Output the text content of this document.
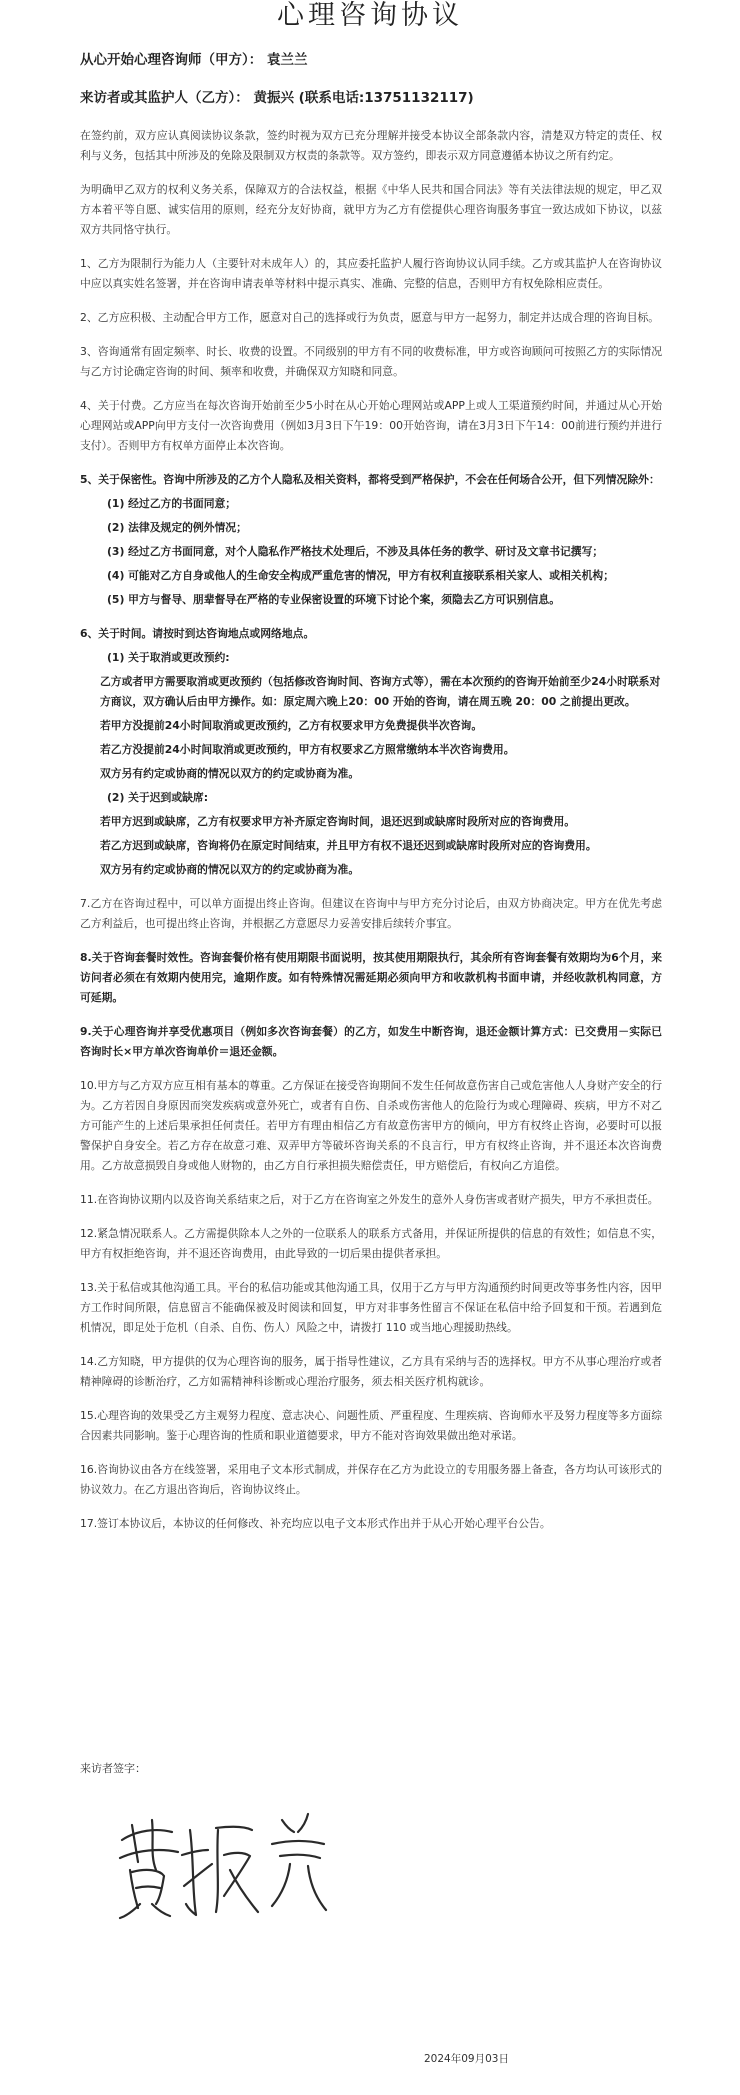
心理咨询协议
从心开始心理咨询师（甲方）： 袁兰兰
来访者或其监护人（乙方）： 黄振兴 (联系电话:13751132117)

在签约前，双方应认真阅读协议条款，签约时视为双方已充分理解并接受本协议全部条款内容，清楚双方特定的责任、权利与义务，包括其中所涉及的免除及限制双方权责的条款等。双方签约，即表示双方同意遵循本协议之所有约定。

为明确甲乙双方的权利义务关系，保障双方的合法权益，根据《中华人民共和国合同法》等有关法律法规的规定，甲乙双方本着平等自愿、诚实信用的原则，经充分友好协商，就甲方为乙方有偿提供心理咨询服务事宜一致达成如下协议，以兹双方共同恪守执行。

1、乙方为限制行为能力人（主要针对未成年人）的，其应委托监护人履行咨询协议认同手续。乙方或其监护人在咨询协议中应以真实姓名签署，并在咨询申请表单等材料中提示真实、准确、完整的信息，否则甲方有权免除相应责任。

2、乙方应积极、主动配合甲方工作，愿意对自己的选择或行为负责，愿意与甲方一起努力，制定并达成合理的咨询目标。

3、咨询通常有固定频率、时长、收费的设置。不同级别的甲方有不同的收费标准，甲方或咨询顾问可按照乙方的实际情况与乙方讨论确定咨询的时间、频率和收费，并确保双方知晓和同意。

4、关于付费。乙方应当在每次咨询开始前至少5小时在从心开始心理网站或APP上或人工渠道预约时间，并通过从心开始心理网站或APP向甲方支付一次咨询费用（例如3月3日下午19：00开始咨询，请在3月3日下午14：00前进行预约并进行支付）。否则甲方有权单方面停止本次咨询。

5、关于保密性。咨询中所涉及的乙方个人隐私及相关资料，都将受到严格保护，不会在任何场合公开，但下列情况除外：

(1) 经过乙方的书面同意；

(2) 法律及规定的例外情况；

(3) 经过乙方书面同意，对个人隐私作严格技术处理后，不涉及具体任务的教学、研讨及文章书记撰写；

(4) 可能对乙方自身或他人的生命安全构成严重危害的情况，甲方有权利直接联系相关家人、或相关机构；

(5) 甲方与督导、朋辈督导在严格的专业保密设置的环境下讨论个案，须隐去乙方可识别信息。

6、关于时间。请按时到达咨询地点或网络地点。

(1) 关于取消或更改预约:

乙方或者甲方需要取消或更改预约（包括修改咨询时间、咨询方式等），需在本次预约的咨询开始前至少24小时联系对方商议，双方确认后由甲方操作。如：原定周六晚上20：00 开始的咨询，请在周五晚 20：00 之前提出更改。

若甲方没提前24小时间取消或更改预约，乙方有权要求甲方免费提供半次咨询。

若乙方没提前24小时间取消或更改预约，甲方有权要求乙方照常缴纳本半次咨询费用。

双方另有约定或协商的情况以双方的约定或协商为准。

(2) 关于迟到或缺席:

若甲方迟到或缺席，乙方有权要求甲方补齐原定咨询时间，退还迟到或缺席时段所对应的咨询费用。

若乙方迟到或缺席，咨询将仍在原定时间结束，并且甲方有权不退还迟到或缺席时段所对应的咨询费用。

双方另有约定或协商的情况以双方的约定或协商为准。

7.乙方在咨询过程中，可以单方面提出终止咨询。但建议在咨询中与甲方充分讨论后，由双方协商决定。甲方在优先考虑乙方利益后，也可提出终止咨询，并根据乙方意愿尽力妥善安排后续转介事宜。

8.关于咨询套餐时效性。咨询套餐价格有使用期限书面说明，按其使用期限执行，其余所有咨询套餐有效期均为6个月，来访问者必须在有效期内使用完，逾期作废。如有特殊情况需延期必须向甲方和收款机构书面申请，并经收款机构同意，方可延期。

9.关于心理咨询并享受优惠项目（例如多次咨询套餐）的乙方，如发生中断咨询，退还金额计算方式：已交费用－实际已咨询时长×甲方单次咨询单价＝退还金额。

10.甲方与乙方双方应互相有基本的尊重。乙方保证在接受咨询期间不发生任何故意伤害自己或危害他人人身财产安全的行为。乙方若因自身原因而突发疾病或意外死亡，或者有自伤、自杀或伤害他人的危险行为或心理障碍、疾病，甲方不对乙方可能产生的上述后果承担任何责任。若甲方有理由相信乙方有故意伤害甲方的倾向，甲方有权终止咨询，必要时可以报警保护自身安全。若乙方存在故意刁难、双弄甲方等破坏咨询关系的不良言行，甲方有权终止咨询，并不退还本次咨询费用。乙方故意损毁自身或他人财物的，由乙方自行承担损失赔偿责任，甲方赔偿后，有权向乙方追偿。

11.在咨询协议期内以及咨询关系结束之后，对于乙方在咨询室之外发生的意外人身伤害或者财产损失，甲方不承担责任。

12.紧急情况联系人。乙方需提供除本人之外的一位联系人的联系方式备用，并保证所提供的信息的有效性；如信息不实，甲方有权拒绝咨询，并不退还咨询费用，由此导致的一切后果由提供者承担。

13.关于私信或其他沟通工具。平台的私信功能或其他沟通工具，仅用于乙方与甲方沟通预约时间更改等事务性内容，因甲方工作时间所限，信息留言不能确保被及时阅读和回复，甲方对非事务性留言不保证在私信中给予回复和干预。若遇到危机情况，即足处于危机（自杀、自伤、伤人）风险之中，请拨打 110 或当地心理援助热线。

14.乙方知晓，甲方提供的仅为心理咨询的服务，属于指导性建议，乙方具有采纳与否的选择权。甲方不从事心理治疗或者精神障碍的诊断治疗，乙方如需精神科诊断或心理治疗服务，须去相关医疗机构就诊。

15.心理咨询的效果受乙方主观努力程度、意志决心、问题性质、严重程度、生理疾病、咨询师水平及努力程度等多方面综合因素共同影响。鉴于心理咨询的性质和职业道德要求，甲方不能对咨询效果做出绝对承诺。

16.咨询协议由各方在线签署，采用电子文本形式制成，并保存在乙方为此设立的专用服务器上备查，各方均认可该形式的协议效力。在乙方退出咨询后，咨询协议终止。

17.签订本协议后，本协议的任何修改、补充均应以电子文本形式作出并于从心开始心理平台公告。

来访者签字：
2024年09月03日
